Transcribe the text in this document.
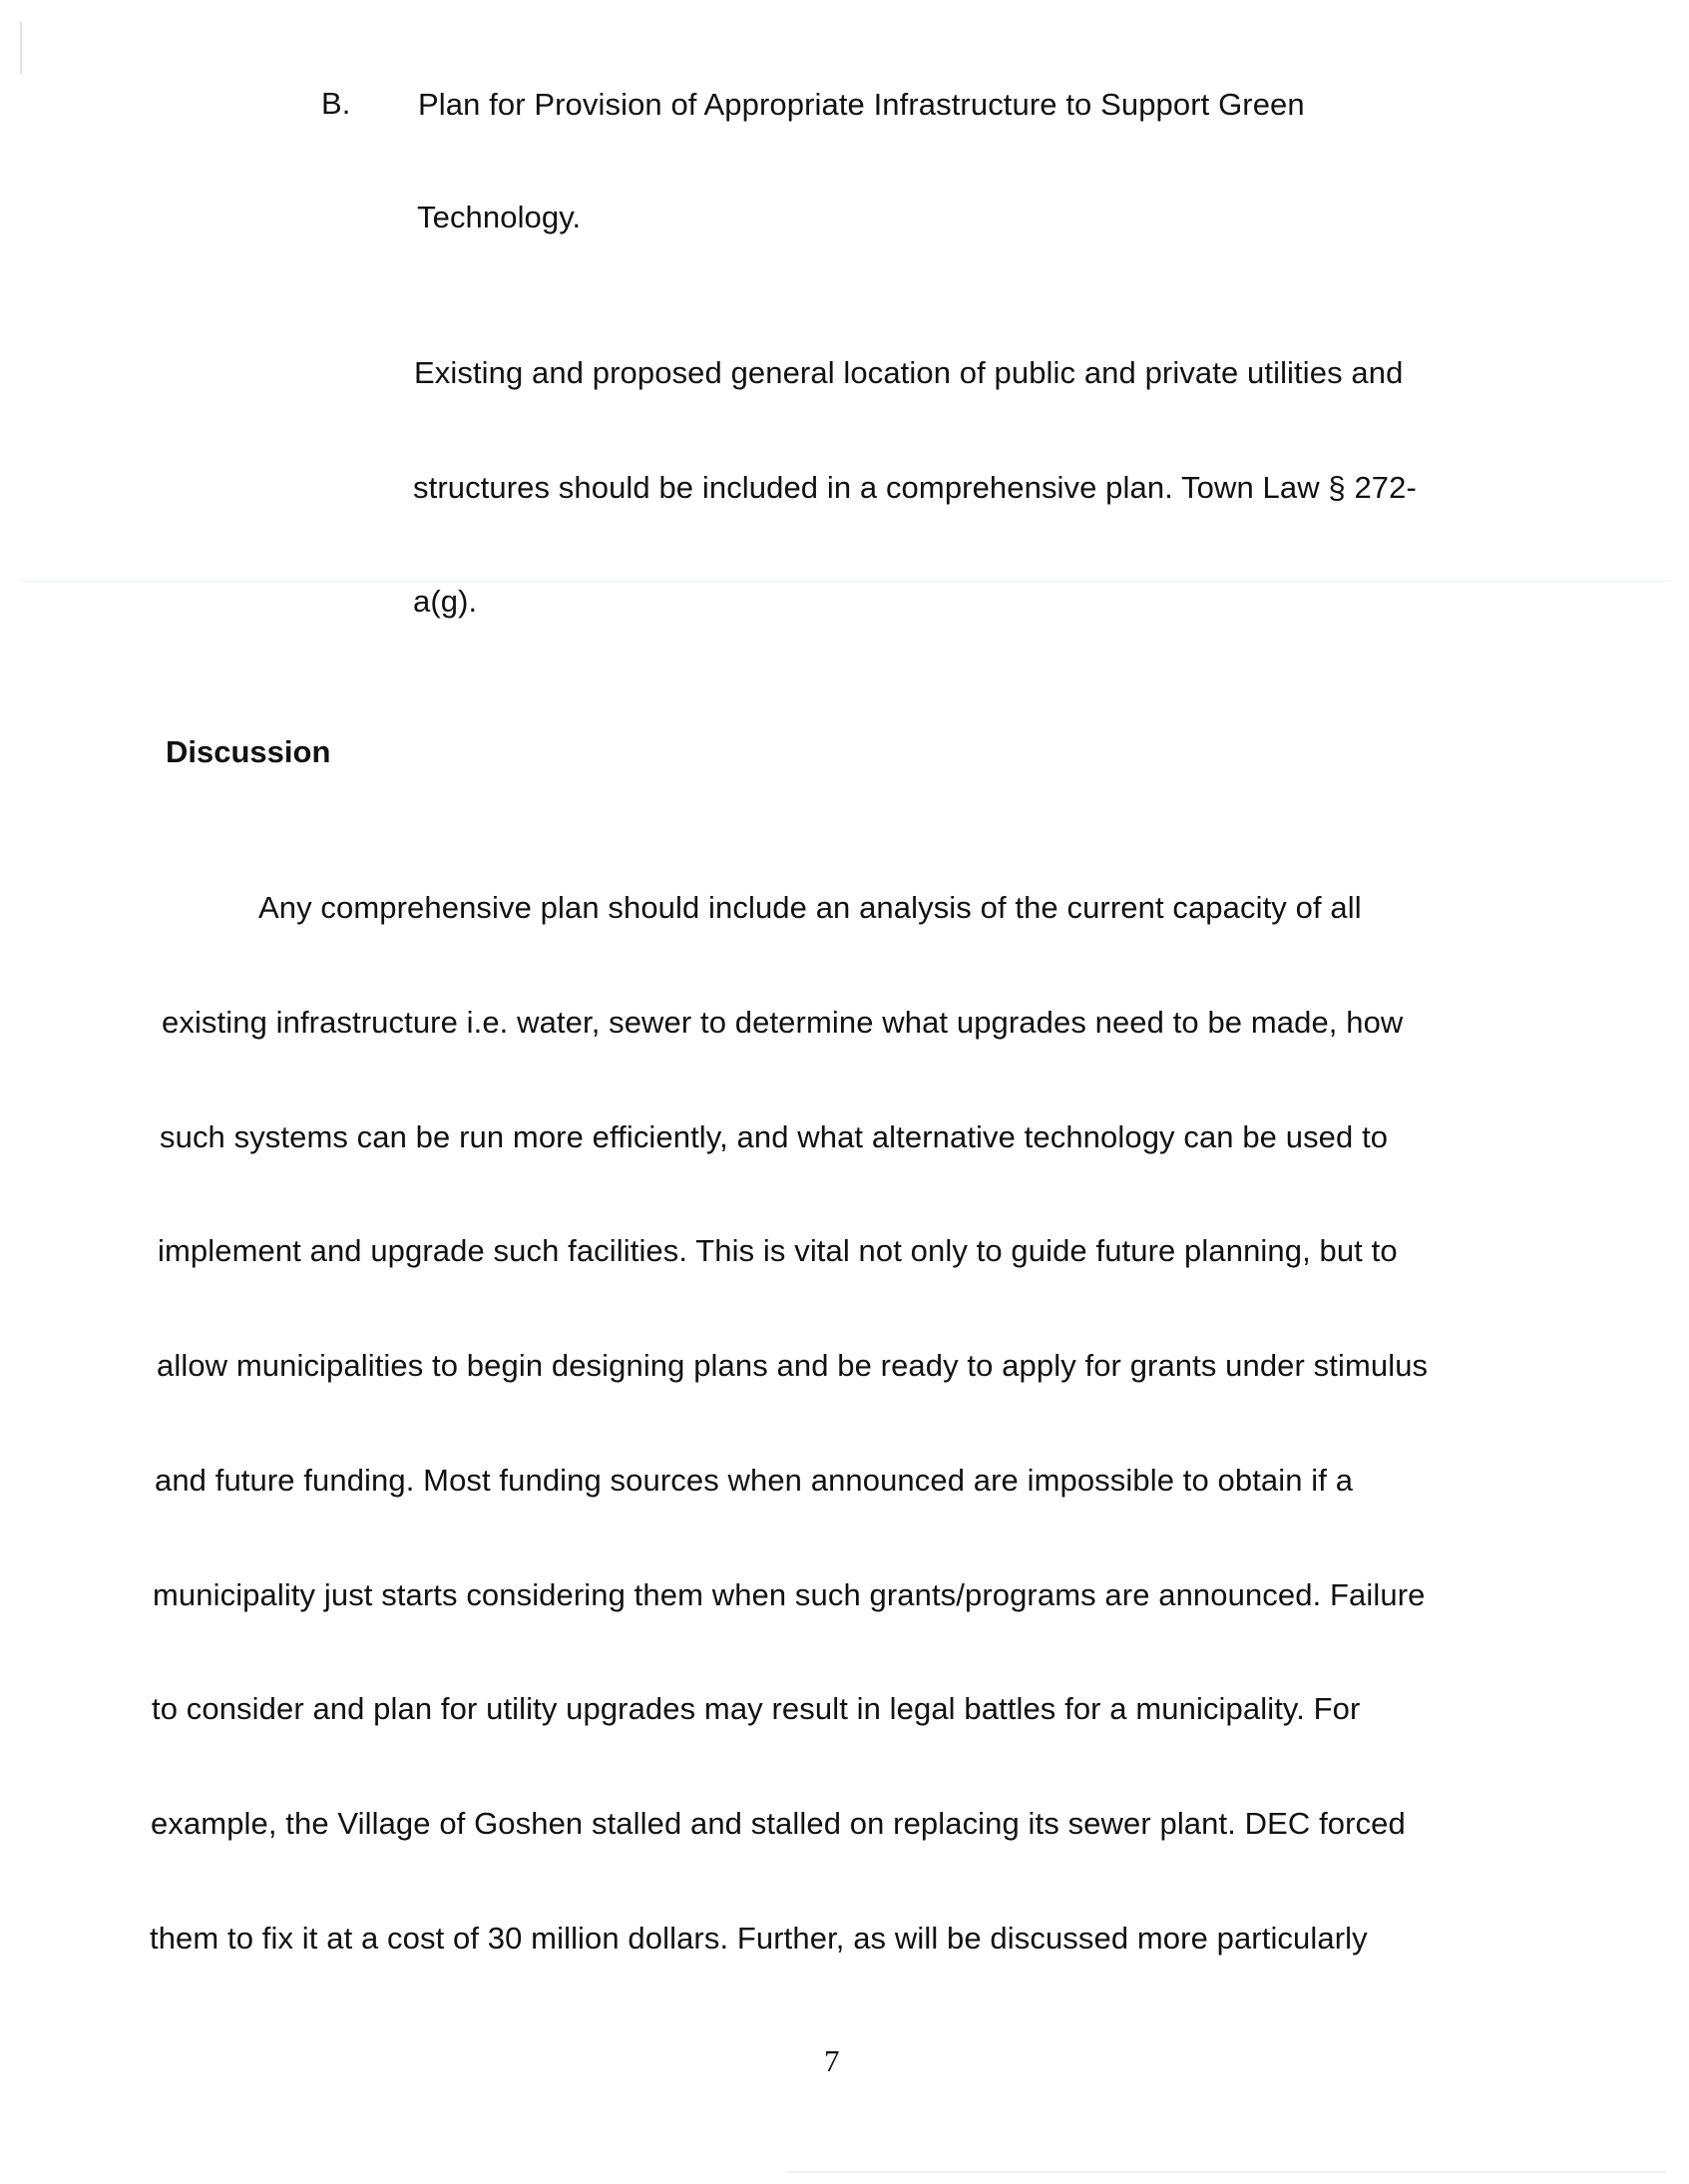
B. Plan for Provision of Appropriate Infrastructure to Support Green
Technology.
Existing and proposed general location of public and private utilities and
structures should be included in a comprehensive plan. Town Law § 272-
a(g).
Discussion
Any comprehensive plan should include an analysis of the current capacity of all
existing infrastructure i.e. water, sewer to determine what upgrades need to be made, how
such systems can be run more efficiently, and what alternative technology can be used to
implement and upgrade such facilities. This is vital not only to guide future planning, but to
allow municipalities to begin designing plans and be ready to apply for grants under stimulus
and future funding. Most funding sources when announced are impossible to obtain if a
municipality just starts considering them when such grants/programs are announced. Failure
to consider and plan for utility upgrades may result in legal battles for a municipality. For
example, the Village of Goshen stalled and stalled on replacing its sewer plant. DEC forced
them to fix it at a cost of 30 million dollars. Further, as will be discussed more particularly
7
